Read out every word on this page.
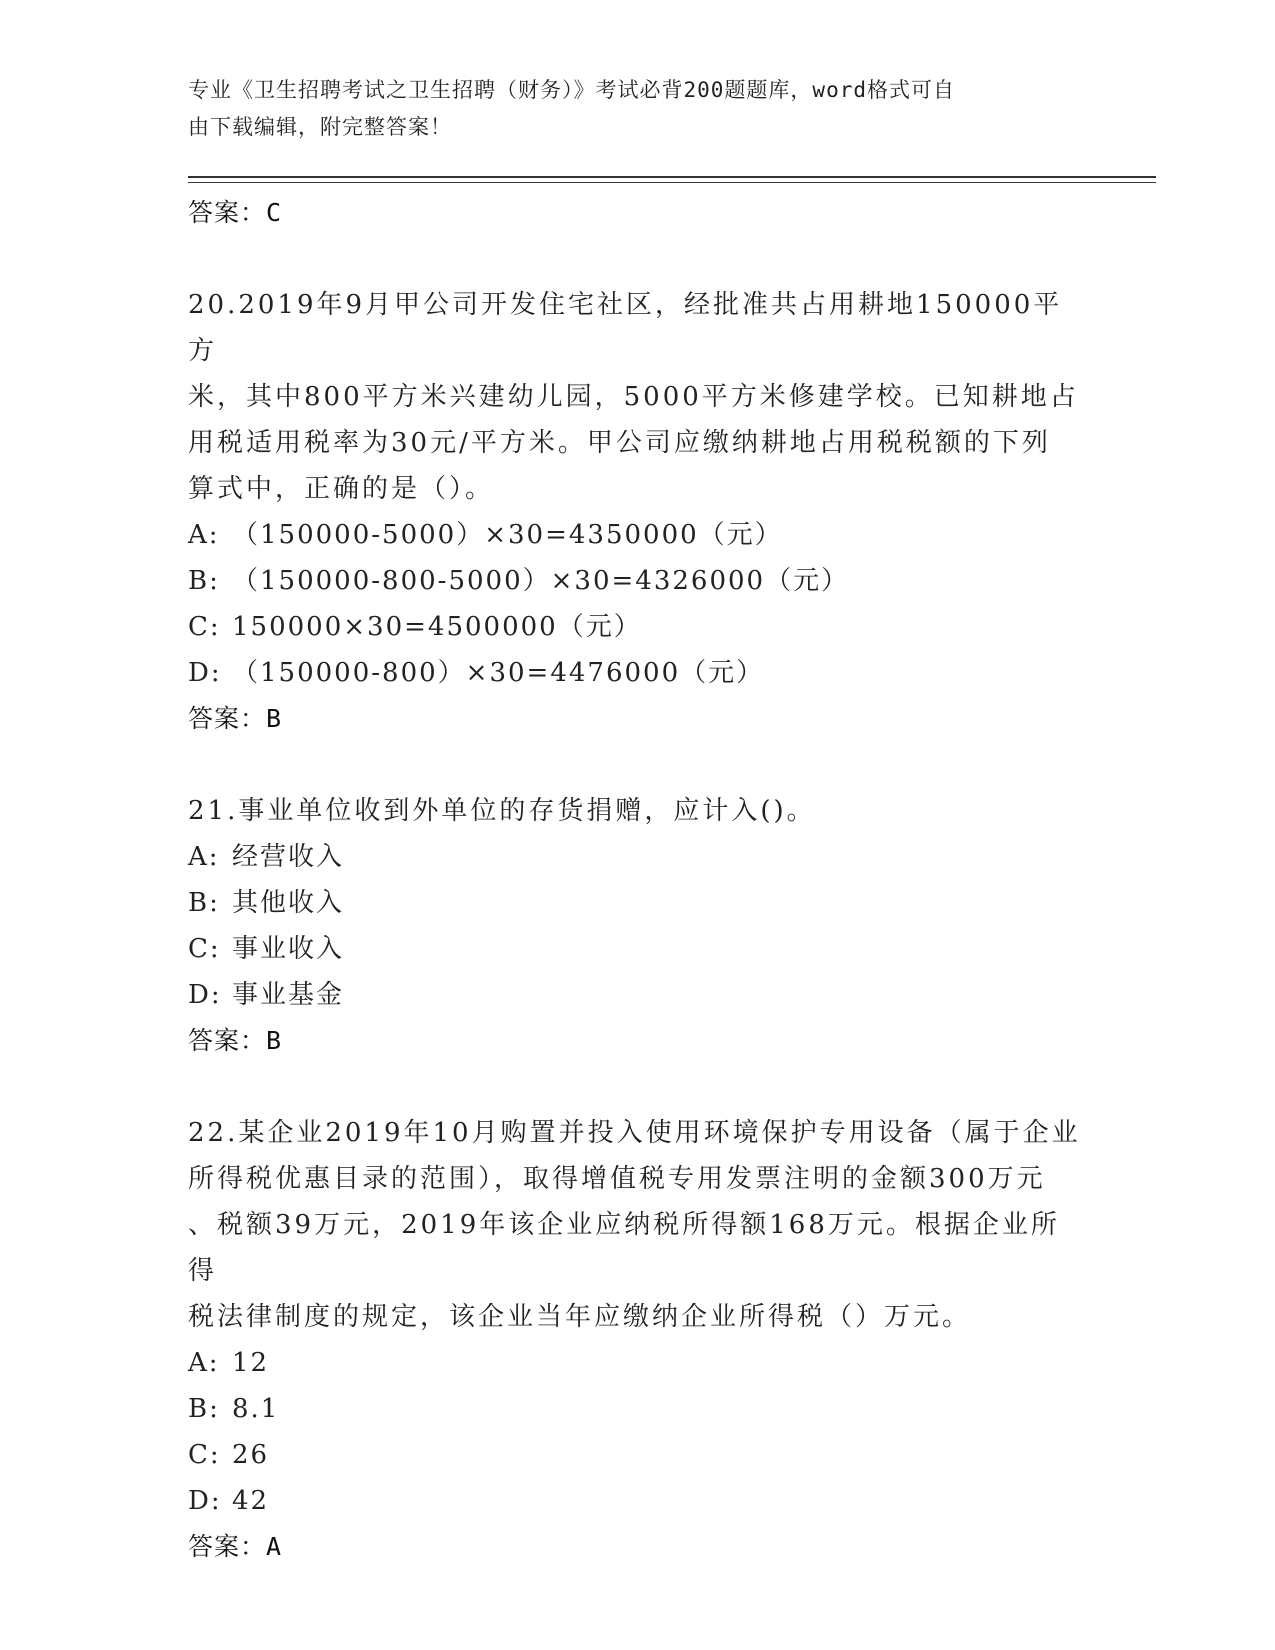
专业《卫生招聘考试之卫生招聘（财务）》考试必背200题题库，word格式可自
由下载编辑，附完整答案！
答案：C
20.2019年9月甲公司开发住宅社区，经批准共占用耕地150000平方
米，其中800平方米兴建幼儿园，5000平方米修建学校。已知耕地占
用税适用税率为30元/平方米。甲公司应缴纳耕地占用税税额的下列
算式中，正确的是（）。
A: （150000-5000）×30=4350000（元）
B: （150000-800-5000）×30=4326000（元）
C: 150000×30=4500000（元）
D: （150000-800）×30=4476000（元）
答案：B
21.事业单位收到外单位的存货捐赠，应计入()。
A: 经营收入
B: 其他收入
C: 事业收入
D: 事业基金
答案：B
22.某企业2019年10月购置并投入使用环境保护专用设备（属于企业
所得税优惠目录的范围），取得增值税专用发票注明的金额300万元
、税额39万元，2019年该企业应纳税所得额168万元。根据企业所得
税法律制度的规定，该企业当年应缴纳企业所得税（）万元。
A: 12
B: 8.1
C: 26
D: 42
答案：A
